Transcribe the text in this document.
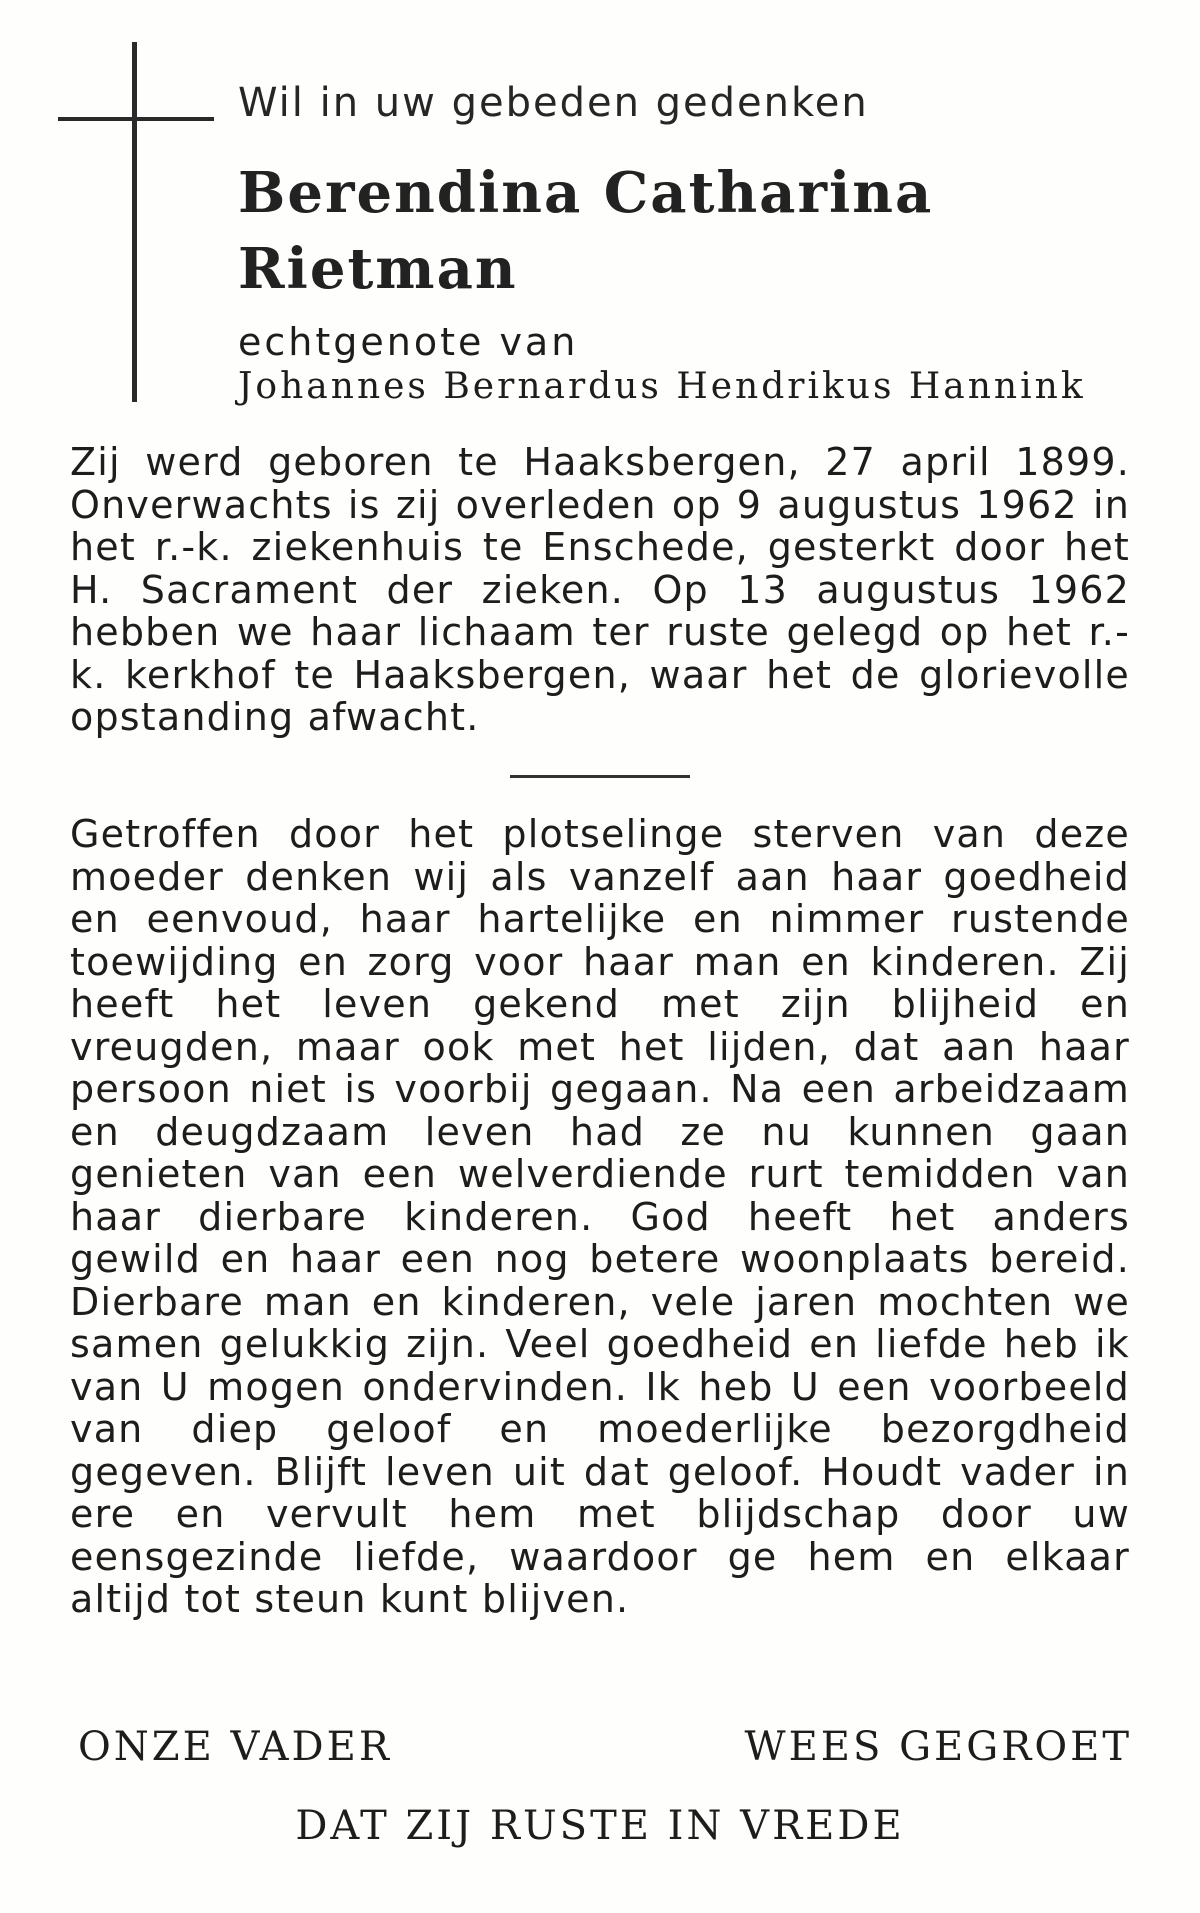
Wil in uw gebeden gedenken

Berendina Catharina

Rietman

echtgenote van

Johannes Bernardus Hendrikus Hannink

Zij werd geboren te Haaksbergen, 27 april 1899. Onverwachts is zij overleden op 9 augustus 1962 in het r.-k. ziekenhuis te Enschede, gesterkt door het H. Sacrament der zieken. Op 13 augustus 1962 hebben we haar lichaam ter ruste gelegd op het r.-k. kerkhof te Haaksbergen, waar het de glorievolle opstanding afwacht.

Getroffen door het plotselinge sterven van deze moeder denken wij als vanzelf aan haar goedheid en eenvoud, haar hartelijke en nimmer rustende toewijding en zorg voor haar man en kinderen. Zij heeft het leven gekend met zijn blijheid en vreugden, maar ook met het lijden, dat aan haar persoon niet is voorbij gegaan. Na een arbeidzaam en deugdzaam leven had ze nu kunnen gaan genieten van een welverdiende rurt temidden van haar dierbare kinderen. God heeft het anders gewild en haar een nog betere woonplaats bereid. Dierbare man en kinderen, vele jaren mochten we samen gelukkig zijn. Veel goedheid en liefde heb ik van U mogen ondervinden. Ik heb U een voorbeeld van diep geloof en moederlijke bezorgdheid gegeven. Blijft leven uit dat geloof. Houdt vader in ere en vervult hem met blijdschap door uw eensgezinde liefde, waardoor ge hem en elkaar altijd tot steun kunt blijven.

ONZE VADER	WEES GEGROET

DAT ZIJ RUSTE IN VREDE
